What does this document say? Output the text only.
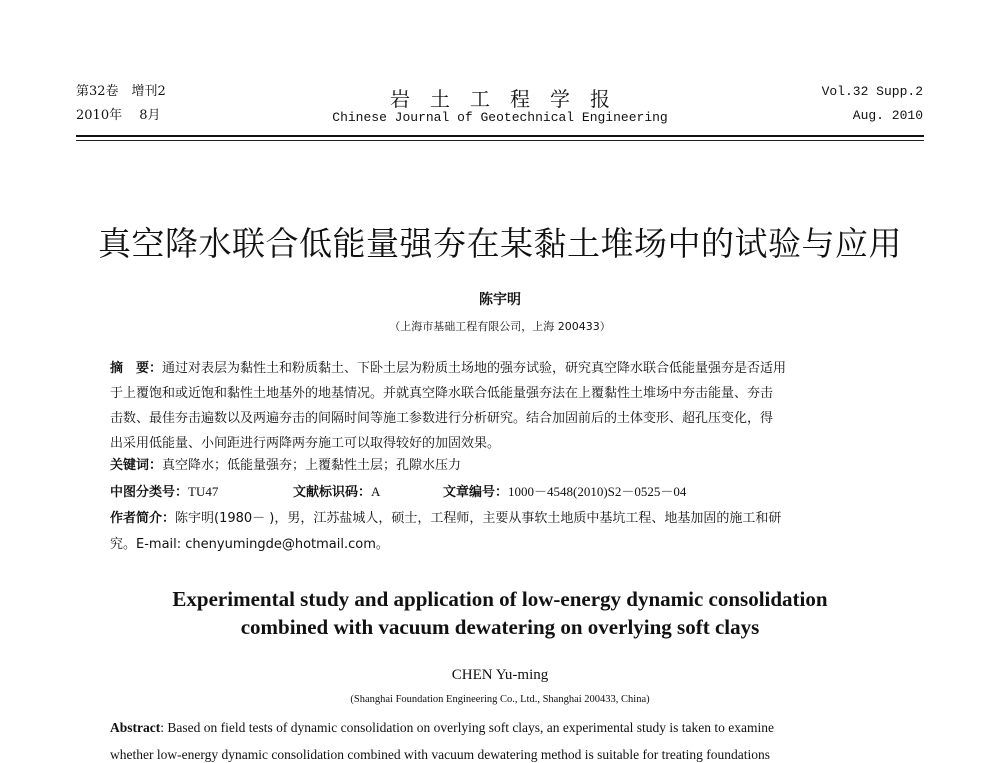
第32卷　增刊2
2010年　 8月
岩土工程学报
Chinese Journal of Geotechnical Engineering
Vol.32 Supp.2
Aug. 2010
真空降水联合低能量强夯在某黏土堆场中的试验与应用
陈宇明
（上海市基础工程有限公司，上海 200433）
摘　要：通过对表层为黏性土和粉质黏土、下卧土层为粉质土场地的强夯试验，研究真空降水联合低能量强夯是否适用
于上覆饱和或近饱和黏性土地基外的地基情况。并就真空降水联合低能量强夯法在上覆黏性土堆场中夯击能量、夯击
击数、最佳夯击遍数以及两遍夯击的间隔时间等施工参数进行分析研究。结合加固前后的土体变形、超孔压变化，得
出采用低能量、小间距进行两降两夯施工可以取得较好的加固效果。
关键词：真空降水；低能量强夯；上覆黏性土层；孔隙水压力
中图分类号：TU47	文献标识码：A	文章编号：1000－4548(2010)S2－0525－04
作者简介：陈宇明(1980－ )，男，江苏盐城人，硕士，工程师，主要从事软土地质中基坑工程、地基加固的施工和研
究。E-mail: chenyumingde@hotmail.com。
Experimental study and application of low-energy dynamic consolidation
combined with vacuum dewatering on overlying soft clays
CHEN Yu-ming
(Shanghai Foundation Engineering Co., Ltd., Shanghai 200433, China)
Abstract: Based on field tests of dynamic consolidation on overlying soft clays, an experimental study is taken to examine
whether low-energy dynamic consolidation combined with vacuum dewatering method is suitable for treating foundations
